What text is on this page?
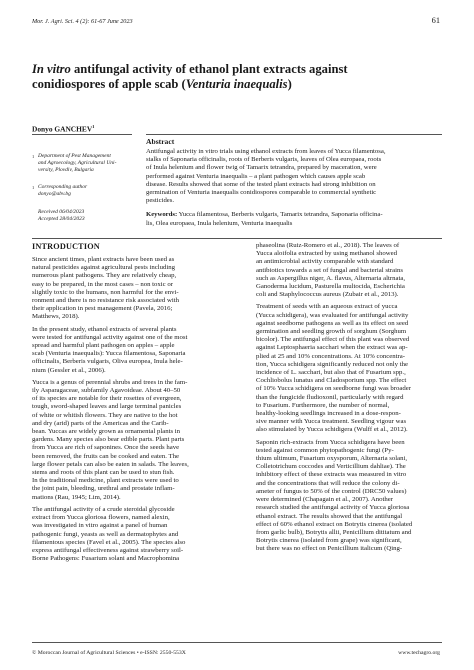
Mor. J. Agri. Sci. 4 (2): 61-67 June 2023	61
In vitro antifungal activity of ethanol plant extracts against
conidiospores of apple scab (Venturia inaequalis)
Donyo GANCHEV$^1$
1 Department of Pest Management
and Agroecology, Agricultural Uni-
versity, Plovdiv, Bulgaria
1 Corresponding author
donyo@abv.bg
Received 06/04/2023
Accepted 28/04/2023
Abstract
Antifungal activity in vitro trials using ethanol extracts from leaves of Yucca filamentosa,
stalks of Saponaria officinalis, roots of Berberis vulgaris, leaves of Olea europaea, roots
of Inula helenium and flower twig of Tamarix tetrandra, prepared by maceration, were
performed against Venturia inaequalis – a plant pathogen which causes apple scab
disease. Results showed that some of the tested plant extracts had strong inhibition on
germination of Venturia inaequalis conidiospores comparable to commercial synthetic
pesticides.
Keywords: Yucca filamentosa, Berberis vulgaris, Tamarix tetrandra, Saponaria officina-
lis, Olea europaea, Inula helenium, Venturia inaequalis
INTRODUCTION
Since ancient times, plant extracts have been used as
natural pesticides against agricultural pests including
numerous plant pathogens. They are relatively cheap,
easy to be prepared, in the most cases – non toxic or
slightly toxic to the humans, non harmful for the envi-
ronment and there is no resistance risk associated with
their application in pest management (Pavela, 2016;
Matthews, 2018).
In the present study, ethanol extracts of several plants
were tested for antifungal activity against one of the most
spread and harmful plant pathogen on apples – apple
scab (Venturia inaequalis): Yucca filamentosa, Saponaria
officinalis, Berberis vulgaris, Oliva europea, Inula hele-
nium (Gessler et al., 2006).
Yucca is a genus of perennial shrubs and trees in the fam-
ily Asparagaceae, subfamily Agavoideae. About 40–50
of its species are notable for their rosettes of evergreen,
tough, sword-shaped leaves and large terminal panicles
of white or whitish flowers. They are native to the hot
and dry (arid) parts of the Americas and the Carib-
bean. Yuccas are widely grown as ornamental plants in
gardens. Many species also bear edible parts. Plant parts
from Yucca are rich of saponines. Once the seeds have
been removed, the fruits can be cooked and eaten. The
large flower petals can also be eaten in salads. The leaves,
stems and roots of this plant can be used to stun fish.
In the traditional medicine, plant extracts were used to
the joint pain, bleeding, urethral and prostate inflam-
mations (Rau, 1945; Lim, 2014).
The antifungal activity of a crude steroidal glycoside
extract from Yucca gloriosa flowers, named alexin,
was investigated in vitro against a panel of human
pathogenic fungi, yeasts as well as dermatophytes and
filamentous species (Favel et al., 2005). The species also
express antifungal effectiveness against strawberry soil-
Borne Pathogens: Fusarium solani and Macrophomina
phaseolina (Ruiz-Romero et al., 2018). The leaves of
Yucca aloifolia extracted by using methanol showed
an antimicrobial activity comparable with standard
antibiotics towards a set of fungal and bacterial strains
such as Aspergillus niger, A. flavus, Alternaria altrnata,
Ganoderma lucidum, Pasturella multocida, Escherichia
coli and Staphylococcus aureus (Zubair et al., 2013).
Treatment of seeds with an aqueous extract of yucca
(Yucca schidigera), was evaluated for antifungal activity
against seedborne pathogens as well as its effect on seed
germination and seedling growth of sorghum (Sorghum
bicolor). The antifungal effect of this plant was observed
against Leptosphaeria sacchari when the extract was ap-
plied at 25 and 10% concentrations. At 10% concentra-
tion, Yucca schidigera significantly reduced not only the
incidence of L. sacchari, but also that of Fusarium spp.,
Cochliobolus lunatus and Cladosporium spp. The effect
of 10% Yucca schidigera on seedborne fungi was broader
than the fungicide fludioxonil, particularly with regard
to Fusarium. Furthermore, the number of normal,
healthy-looking seedlings increased in a dose-respon-
sive manner with Yucca treatment. Seedling vigour was
also stimulated by Yucca schidigera (Wulff et al., 2012).
Saponin rich-extracts from Yucca schidigera have been
tested against common phytopathogenic fungi (Py-
thium ultimum, Fusarium oxysporum, Alternaria solani,
Colletotrichum coccodes and Verticillium dahliae). The
inhibitory effect of these extracts was measured in vitro
and the concentrations that will reduce the colony di-
ameter of fungus to 50% of the control (DRC50 values)
were determined (Chapagain et al., 2007). Another
research studied the antifungal activity of Yucca gloriosa
ethanol extract. The results showed that the antifungal
effect of 60% ethanol extract on Botrytis cinerea (isolated
from garlic bulb), Botrytis allii, Penicillium dititatum and
Botrytis cinerea (isolated from grape) was significant,
but there was no effect on Penicillium italicum (Qing-
© Moroccan Journal of Agricultural Sciences • e-ISSN: 2550-553X	www.techagro.org
